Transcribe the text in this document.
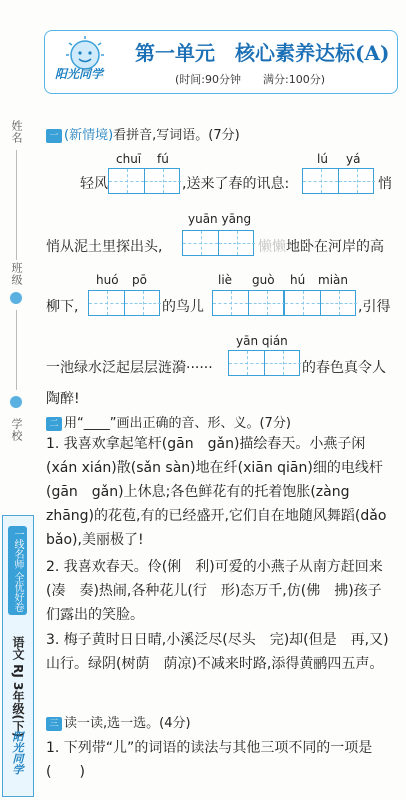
姓名
班级
学校
一线名师 全优好卷
语文 RJ 3年级(下)
阳光同学
阳光同学
第一单元　核心素养达标(A)
(时间:90分钟　　满分:100分)
一 (新情境)看拼音,写词语。(7分)
chuī fú	lú yá
轻风	,送来了春的讯息:	悄
yuān yāng
悄从泥土里探出头,	懒懒 地卧在河岸的高
huó pō	liè guò hú miàn
柳下,	的鸟儿	,引得
yān qián
一池绿水泛起层层涟漪······	的春色真令人
陶醉!
二 用“____”画出正确的音、形、义。(7分)
1. 我喜欢拿起笔杆(gān　gǎn)描绘春天。小燕子闲(xán xián)散(sǎn sàn)地在纤(xiān qiān)细的电线杆(gān　gǎn)上休息;各色鲜花有的托着饱胀(zàng zhāng)的花苞,有的已经盛开,它们自在地随风舞蹈(dǎo　bǎo),美丽极了!
2. 我喜欢春天。伶(俐　利)可爱的小燕子从南方赶回来(凑　奏)热闹,各种花儿(行　形)态万千,仿(佛　拂)孩子们露出的笑脸。
3. 梅子黄时日日晴,小溪泛尽(尽头　完)却(但是　再,又)山行。绿阴(树荫　荫凉)不减来时路,添得黄鹂四五声。
三 读一读,选一选。(4分)
1. 下列带“儿”的词语的读法与其他三项不同的一项是
(　　)
